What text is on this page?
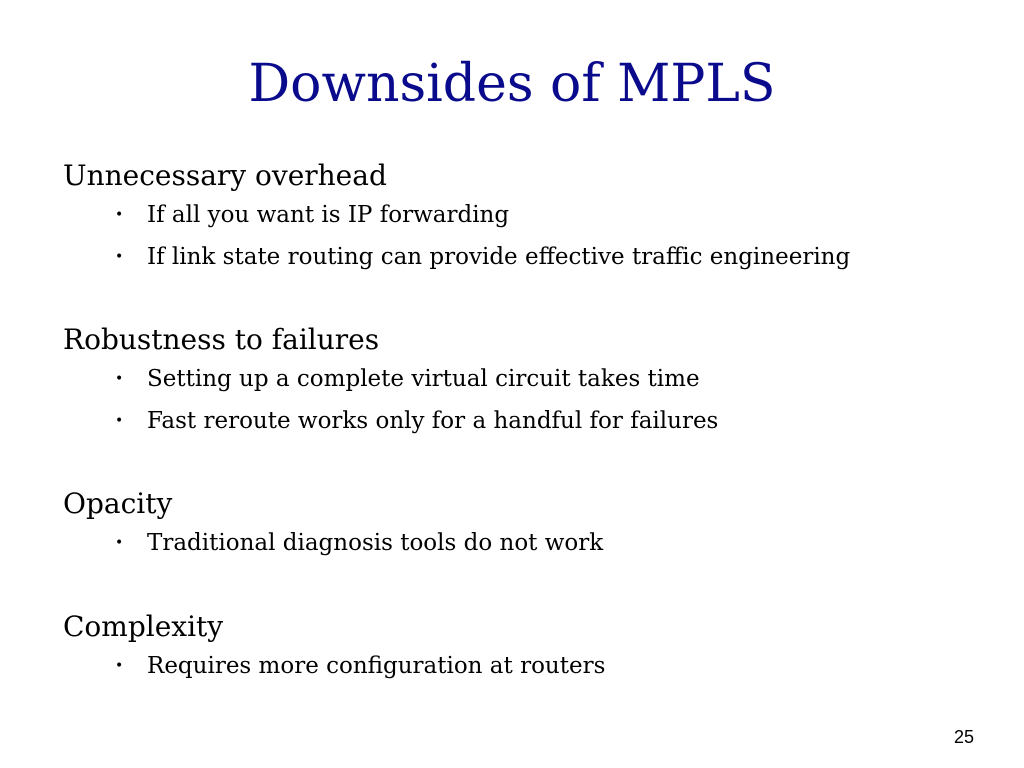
Downsides of MPLS

Unnecessary overhead

• If all you want is IP forwarding
• If link state routing can provide effective traffic engineering

Robustness to failures

• Setting up a complete virtual circuit takes time
• Fast reroute works only for a handful for failures

Opacity

• Traditional diagnosis tools do not work

Complexity

• Requires more configuration at routers
25
